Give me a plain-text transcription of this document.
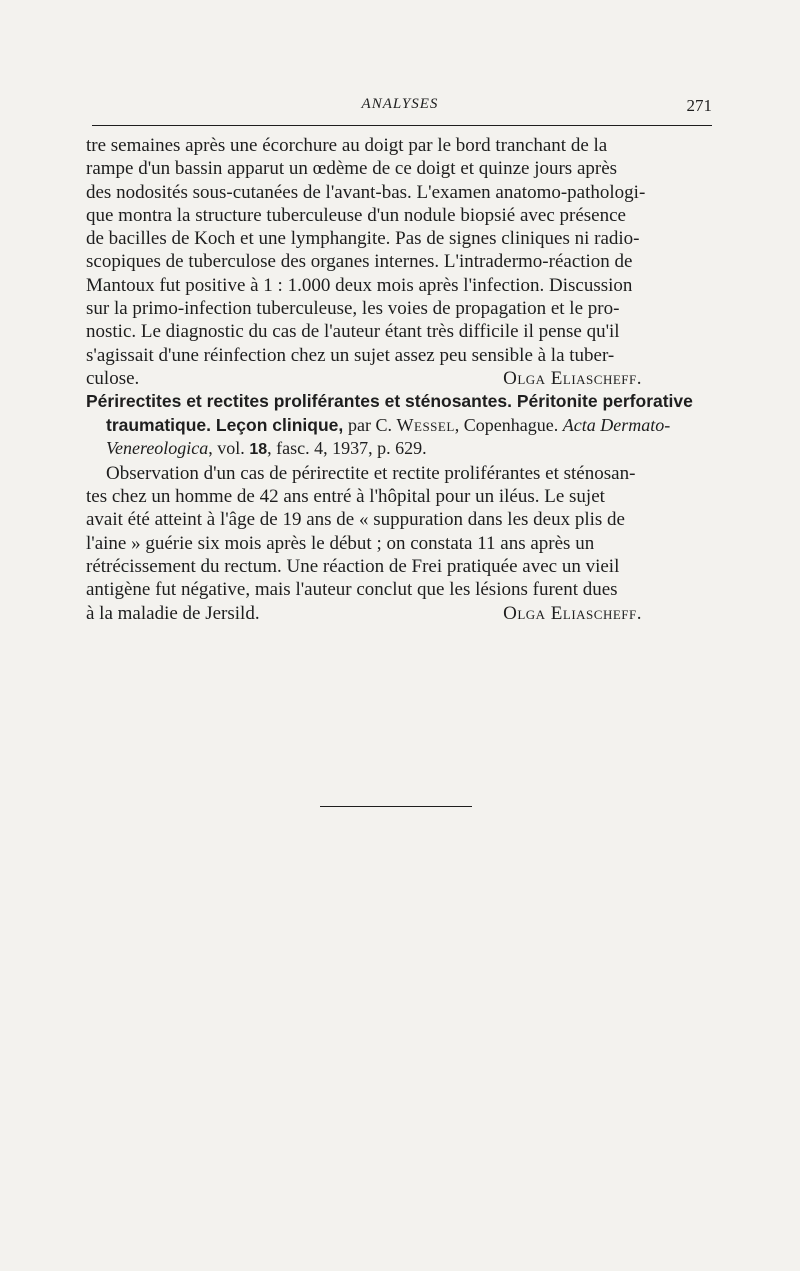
ANALYSES	271

tre semaines après une écorchure au doigt par le bord tranchant de la

rampe d'un bassin apparut un œdème de ce doigt et quinze jours après

des nodosités sous-cutanées de l'avant-bas. L'examen anatomo-pathologi-

que montra la structure tuberculeuse d'un nodule biopsié avec présence

de bacilles de Koch et une lymphangite. Pas de signes cliniques ni radio-

scopiques de tuberculose des organes internes. L'intradermo-réaction de

Mantoux fut positive à 1 : 1.000 deux mois après l'infection. Discussion

sur la primo-infection tuberculeuse, les voies de propagation et le pro-

nostic. Le diagnostic du cas de l'auteur étant très difficile il pense qu'il

s'agissait d'une réinfection chez un sujet assez peu sensible à la tuber-

culose.	Olga Eliascheff.

Périrectites et rectites proliférantes et sténosantes. Péritonite perforative
traumatique. Leçon clinique, par C. Wessel, Copenhague. Acta Dermato-
Venereologica, vol. 18, fasc. 4, 1937, p. 629.

Observation d'un cas de périrectite et rectite proliférantes et sténosan-

tes chez un homme de 42 ans entré à l'hôpital pour un iléus. Le sujet

avait été atteint à l'âge de 19 ans de « suppuration dans les deux plis de

l'aine » guérie six mois après le début ; on constata 11 ans après un

rétrécissement du rectum. Une réaction de Frei pratiquée avec un vieil

antigène fut négative, mais l'auteur conclut que les lésions furent dues

à la maladie de Jersild.	Olga Eliascheff.
